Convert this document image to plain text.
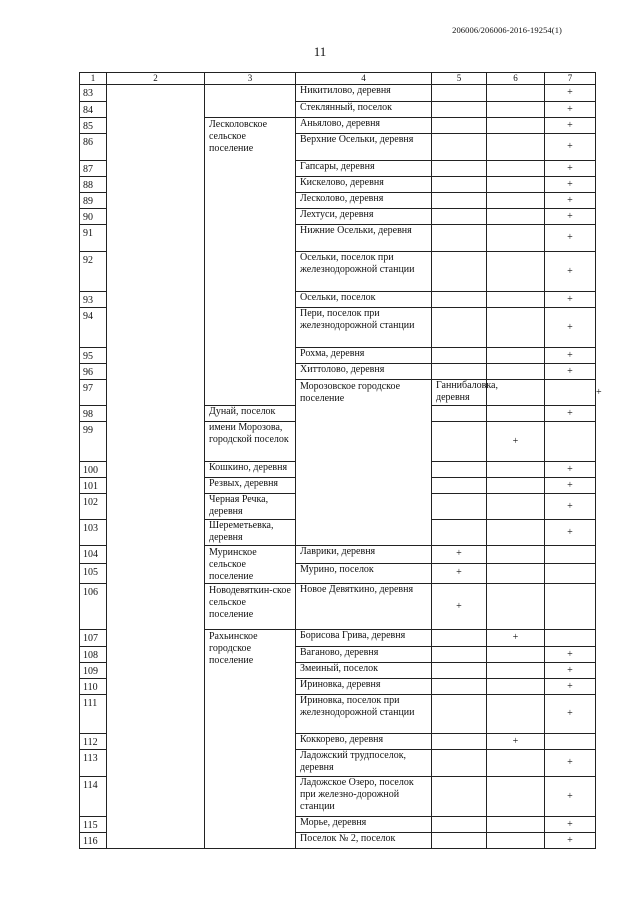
206006/206006-2016-19254(1)
11
1	2	3	4	5	6	7	
83			Никитилово, деревня			+	
84			Стеклянный, поселок			+	
85		Лесколовское сельское поселение	Аньялово, деревня			+	
86			Верхние Осельки, деревня			+	
87			Гапсары, деревня			+	
88			Кискелово, деревня			+	
89			Лесколово, деревня			+	
90			Лехтуси, деревня			+	
91			Нижние Осельки, деревня			+	
92			Осельки, поселок при железнодорожной станции			+	
93			Осельки, поселок			+	
94			Пери, поселок при железнодорожной станции			+	
95			Рохма, деревня			+	
96			Хиттолово, деревня			+	
97			Морозовское городское поселение	Ганнибаловка, деревня			+
98		Дунай, поселок				+	
99		имени Морозова, городской поселок			+		
100		Кошкино, деревня				+	
101		Резвых, деревня				+	
102		Черная Речка, деревня				+	
103		Шереметьевка, деревня				+	
104		Муринское сельское поселение	Лаврики, деревня	+			
105			Мурино, поселок	+			
106		Новодевяткин-ское сельское поселение	Новое Девяткино, деревня	+			
107		Рахьинское городское поселение	Борисова Грива, деревня		+		
108			Ваганово, деревня			+	
109			Змеиный, поселок			+	
110			Ириновка, деревня			+	
111			Ириновка, поселок при железнодорожной станции			+	
112			Коккорево, деревня		+		
113			Ладожский трудпоселок, деревня			+	
114			Ладожское Озеро, поселок при железно-дорожной станции			+	
115			Морье, деревня			+	
116			Поселок № 2, поселок			+	
